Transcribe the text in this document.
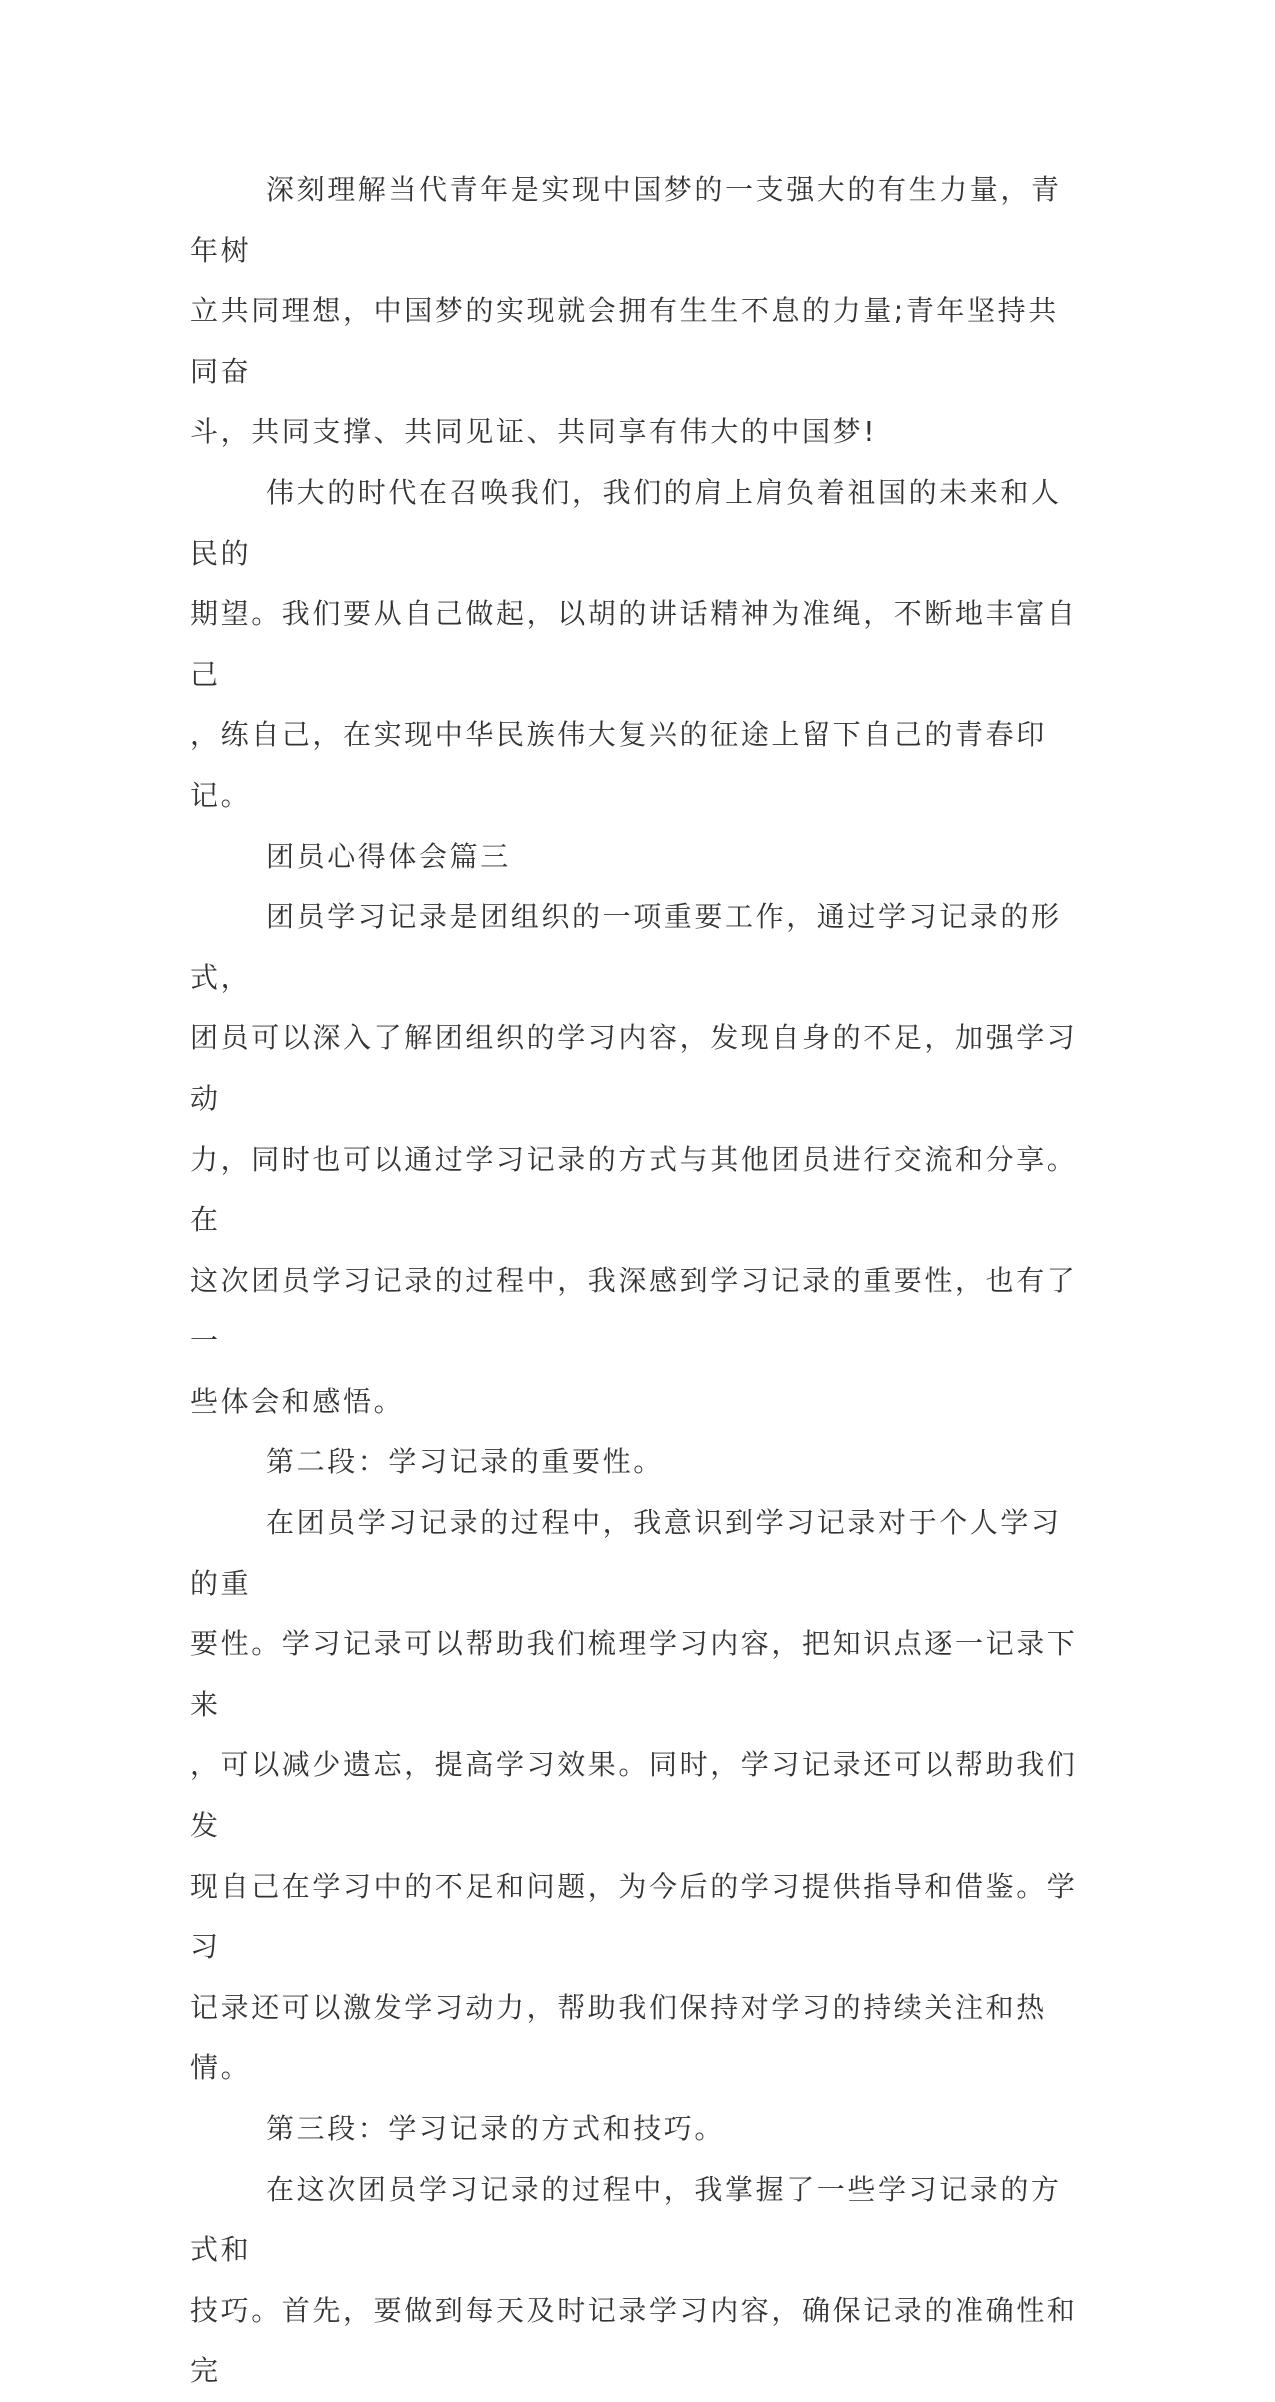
深刻理解当代青年是实现中国梦的一支强大的有生力量，青年树
立共同理想，中国梦的实现就会拥有生生不息的力量;青年坚持共同奋
斗，共同支撑、共同见证、共同享有伟大的中国梦!

伟大的时代在召唤我们，我们的肩上肩负着祖国的未来和人民的
期望。我们要从自己做起，以胡的讲话精神为准绳，不断地丰富自己
，练自己，在实现中华民族伟大复兴的征途上留下自己的青春印记。

团员心得体会篇三

团员学习记录是团组织的一项重要工作，通过学习记录的形式，
团员可以深入了解团组织的学习内容，发现自身的不足，加强学习动
力，同时也可以通过学习记录的方式与其他团员进行交流和分享。在
这次团员学习记录的过程中，我深感到学习记录的重要性，也有了一
些体会和感悟。

第二段：学习记录的重要性。

在团员学习记录的过程中，我意识到学习记录对于个人学习的重
要性。学习记录可以帮助我们梳理学习内容，把知识点逐一记录下来
，可以减少遗忘，提高学习效果。同时，学习记录还可以帮助我们发
现自己在学习中的不足和问题，为今后的学习提供指导和借鉴。学习
记录还可以激发学习动力，帮助我们保持对学习的持续关注和热情。

第三段：学习记录的方式和技巧。

在这次团员学习记录的过程中，我掌握了一些学习记录的方式和
技巧。首先，要做到每天及时记录学习内容，确保记录的准确性和完
